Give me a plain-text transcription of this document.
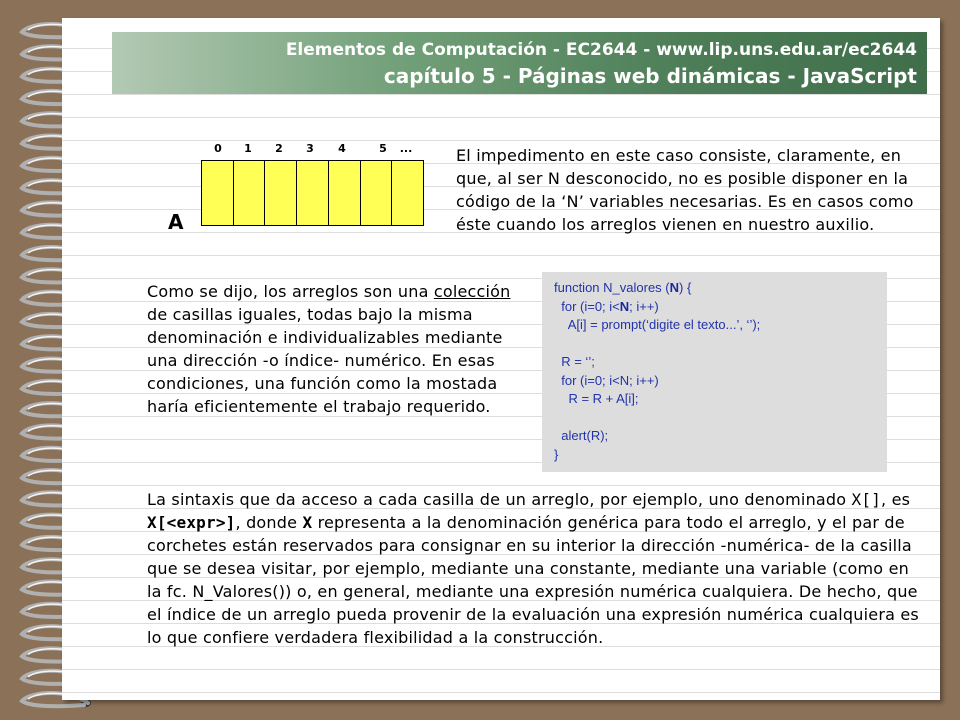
Elementos de Computación - EC2644 - www.lip.uns.edu.ar/ec2644
capítulo 5 - Páginas web dinámicas - JavaScript
0	1	2	3	4	5	...
A
El impedimento en este caso consiste, claramente, en que, al ser N desconocido, no es posible disponer en la código de la ‘N’ variables necesarias. Es en casos como éste cuando los arreglos vienen en nuestro auxilio.
Como se dijo, los arreglos son una colección de casillas iguales, todas bajo la misma denominación e individualizables mediante una dirección -o índice- numérico. En esas condiciones, una función como la mostada haría eficientemente el trabajo requerido.
function N_valores (N) {
for (i=0; i<N; i++)
A[i] = prompt(‘digite el texto...’, ‘’);
R = ‘’;
for (i=0; i<N; i++)
R = R + A[i];
alert(R);
}
La sintaxis que da acceso a cada casilla de un arreglo, por ejemplo, uno denominado X[], es X[<expr>], donde X representa a la denominación genérica para todo el arreglo, y el par de corchetes están reservados para consignar en su interior la dirección -numérica- de la casilla que se desea visitar, por ejemplo, mediante una constante, mediante una variable (como en la fc. N_Valores()) o, en general, mediante una expresión numérica cualquiera. De hecho, que el índice de un arreglo pueda provenir de la evaluación una expresión numérica cualquiera es lo que confiere verdadera flexibilidad a la construcción.
